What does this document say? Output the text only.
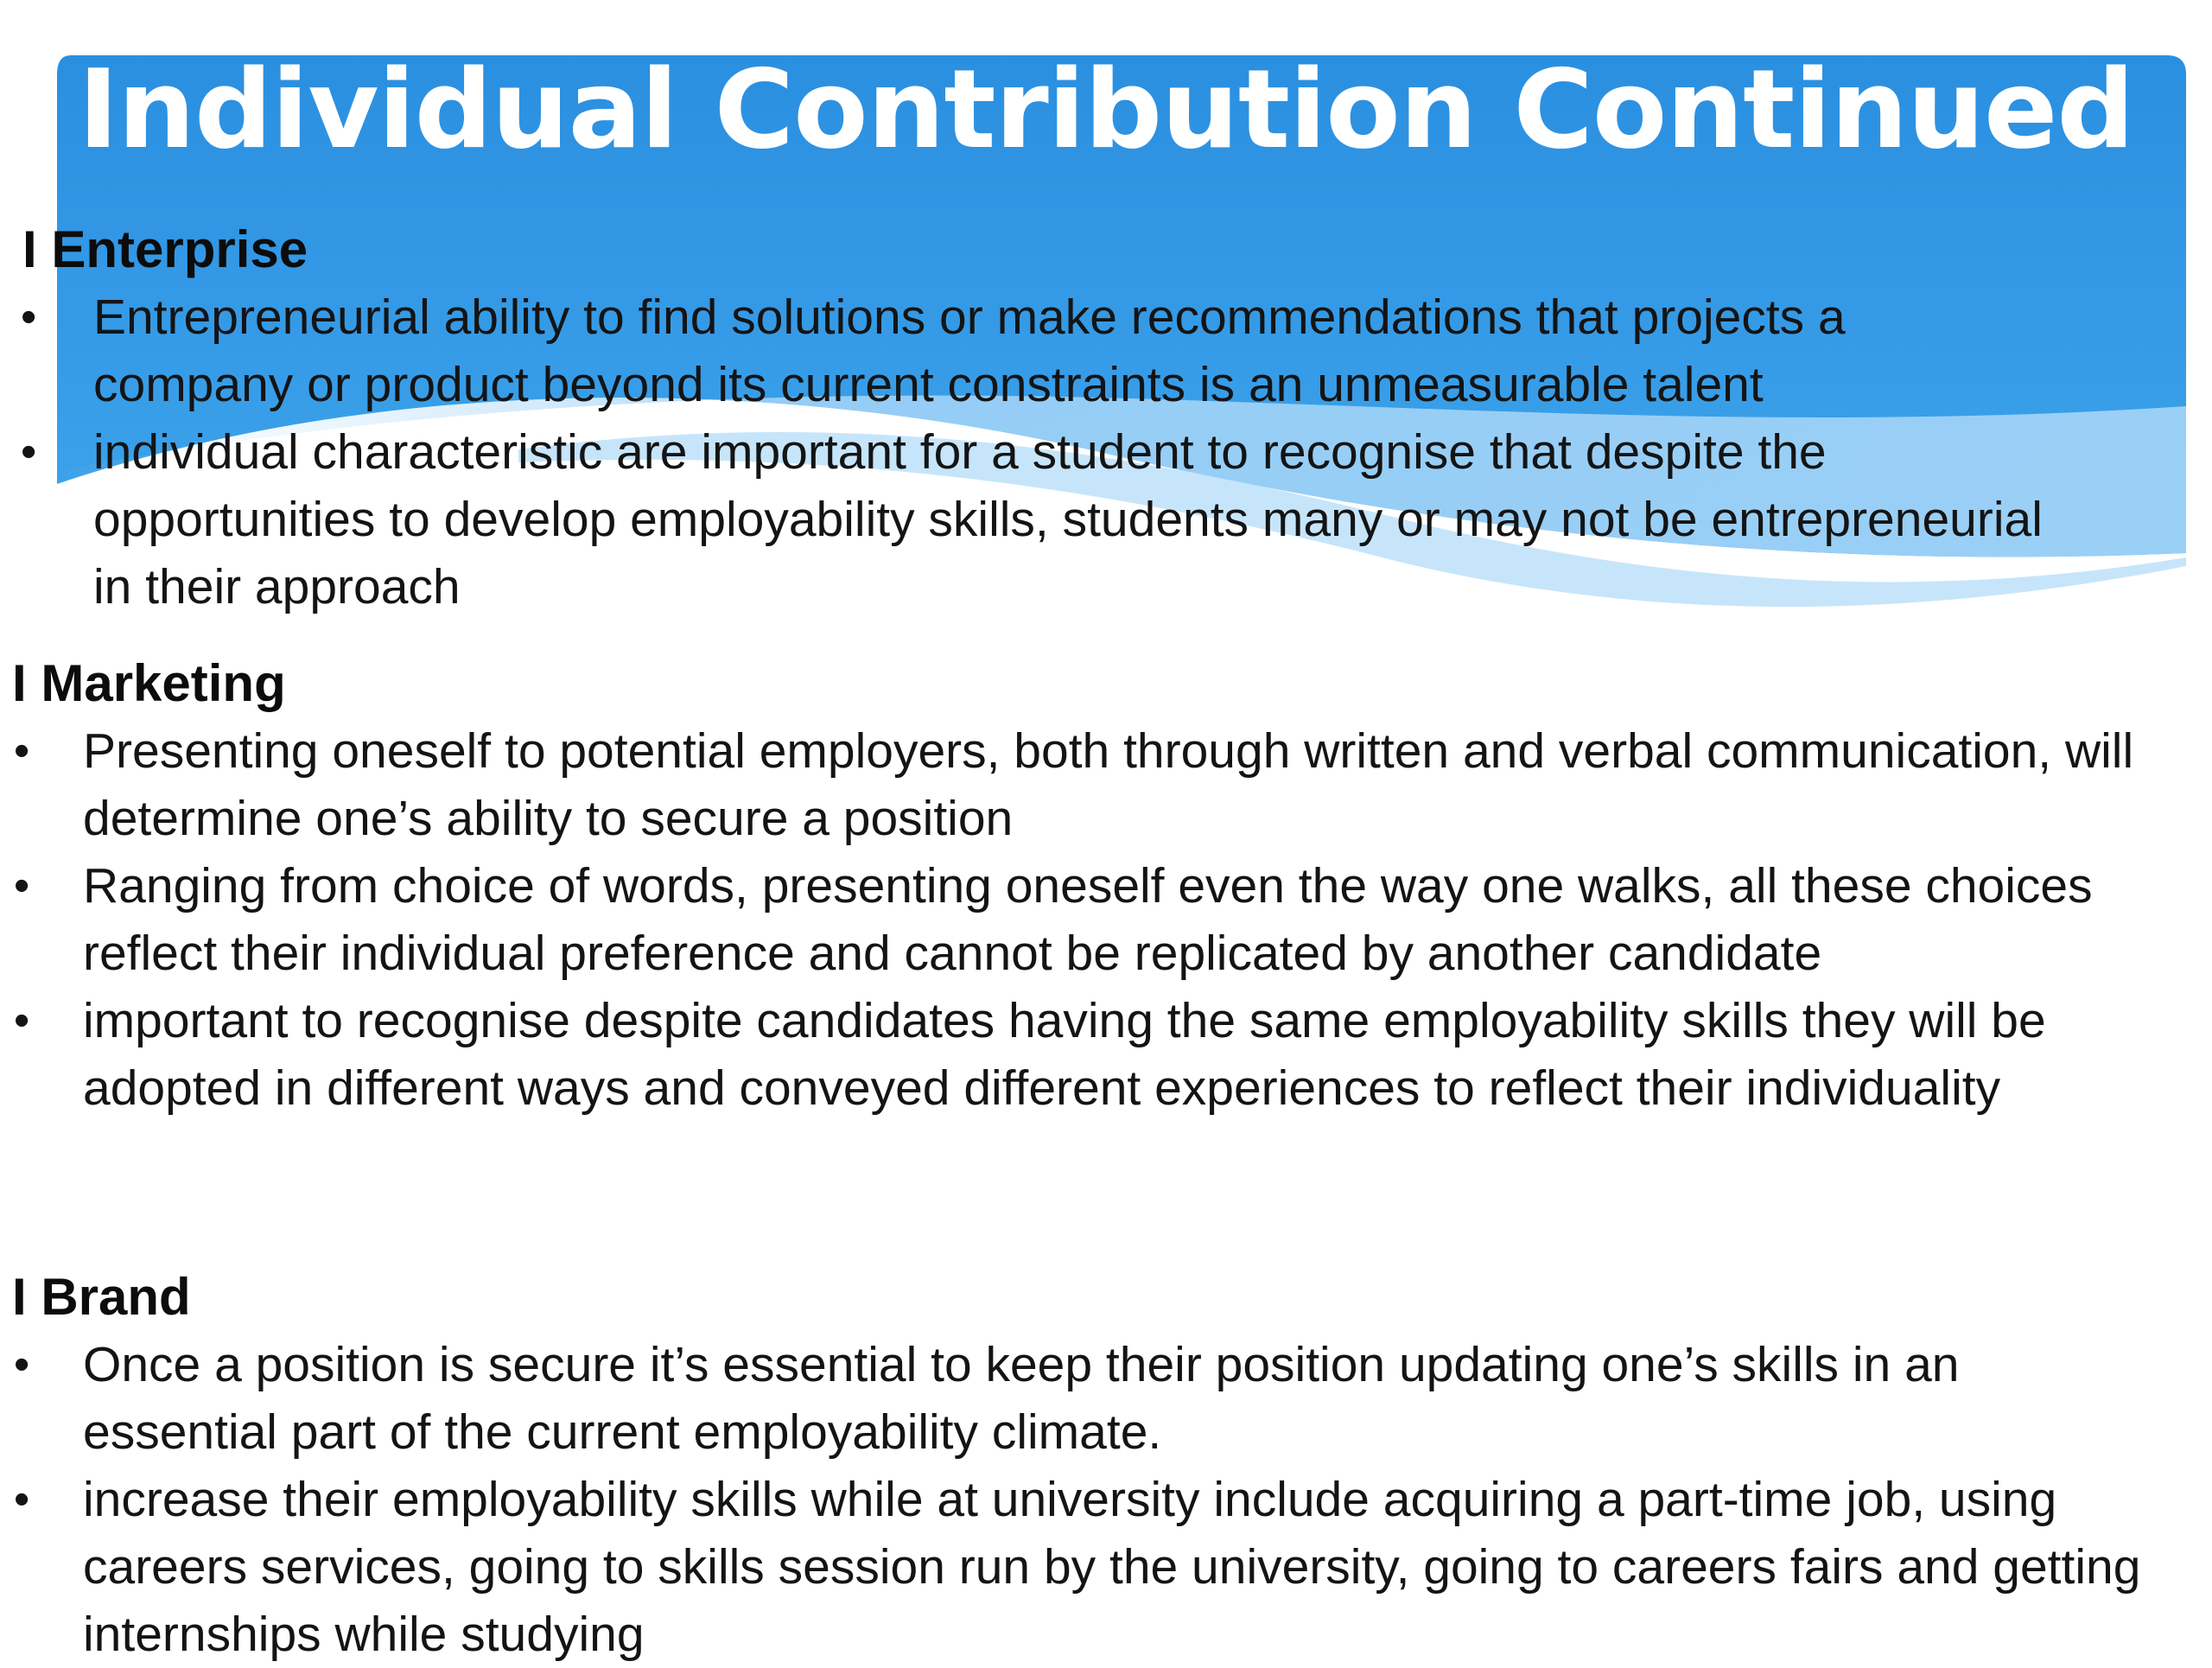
Individual Contribution Continued
I Enterprise
• Entrepreneurial ability to find solutions or make recommendations that projects a company or product beyond its current constraints is an unmeasurable talent
• individual characteristic are important for a student to recognise that despite the opportunities to develop employability skills, students many or may not be entrepreneurial in their approach
I Marketing
• Presenting oneself to potential employers, both through written and verbal communication, will determine one’s ability to secure a position
• Ranging from choice of words, presenting oneself even the way one walks, all these choices reflect their individual preference and cannot be replicated by another candidate
• important to recognise despite candidates having the same employability skills they will be adopted in different ways and conveyed different experiences to reflect their individuality
I Brand
• Once a position is secure it’s essential to keep their position updating one’s skills in an essential part of the current employability climate.
• increase their employability skills while at university include acquiring a part-time job, using careers services, going to skills session run by the university, going to careers fairs and getting internships while studying
